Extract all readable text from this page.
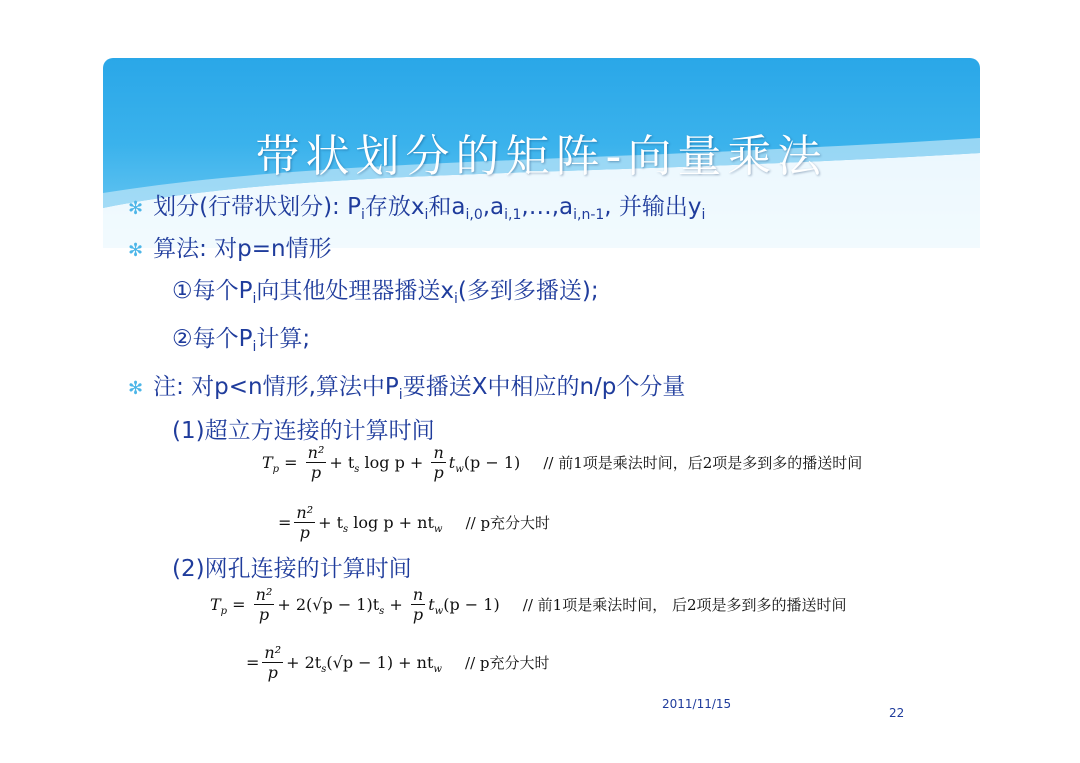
带状划分的矩阵-向量乘法
✻ 划分(行带状划分): $P_i$存放$x_i$和$a_{i,0},a_{i,1},\dots,a_{i,n-1}$, 并输出$y_i$
✻ 算法: 对p=n情形
①每个$P_i$向其他处理器播送$x_i$(多到多播送);
②每个$P_i$计算;
✻ 注: 对p<n情形,算法中$P_i$要播送X中相应的n/p个分量
(1)超立方连接的计算时间
$T_p = \frac{\text{n²}}{p} + t_s$ $\log p + \frac{n}{p} t_w(p - 1)$ // 前1项是乘法时间，后2项是多到多的播送时间
= $\frac{\text{n²}}{p} + t_s$ $\log p + nt_w // p$充分大时
(2)网孔连接的计算时间
$T_p = \frac{\text{n²}}{p} + 2(√p - 1)t_s + \frac{n}{p} t_w(p - 1)$ // 前1项是乘法时间， 后2项是多到多的播送时间
= $\frac{\text{n²}}{p} + 2t_s(√p - 1) + nt_w // p$充分大时
2011/11/15
22
